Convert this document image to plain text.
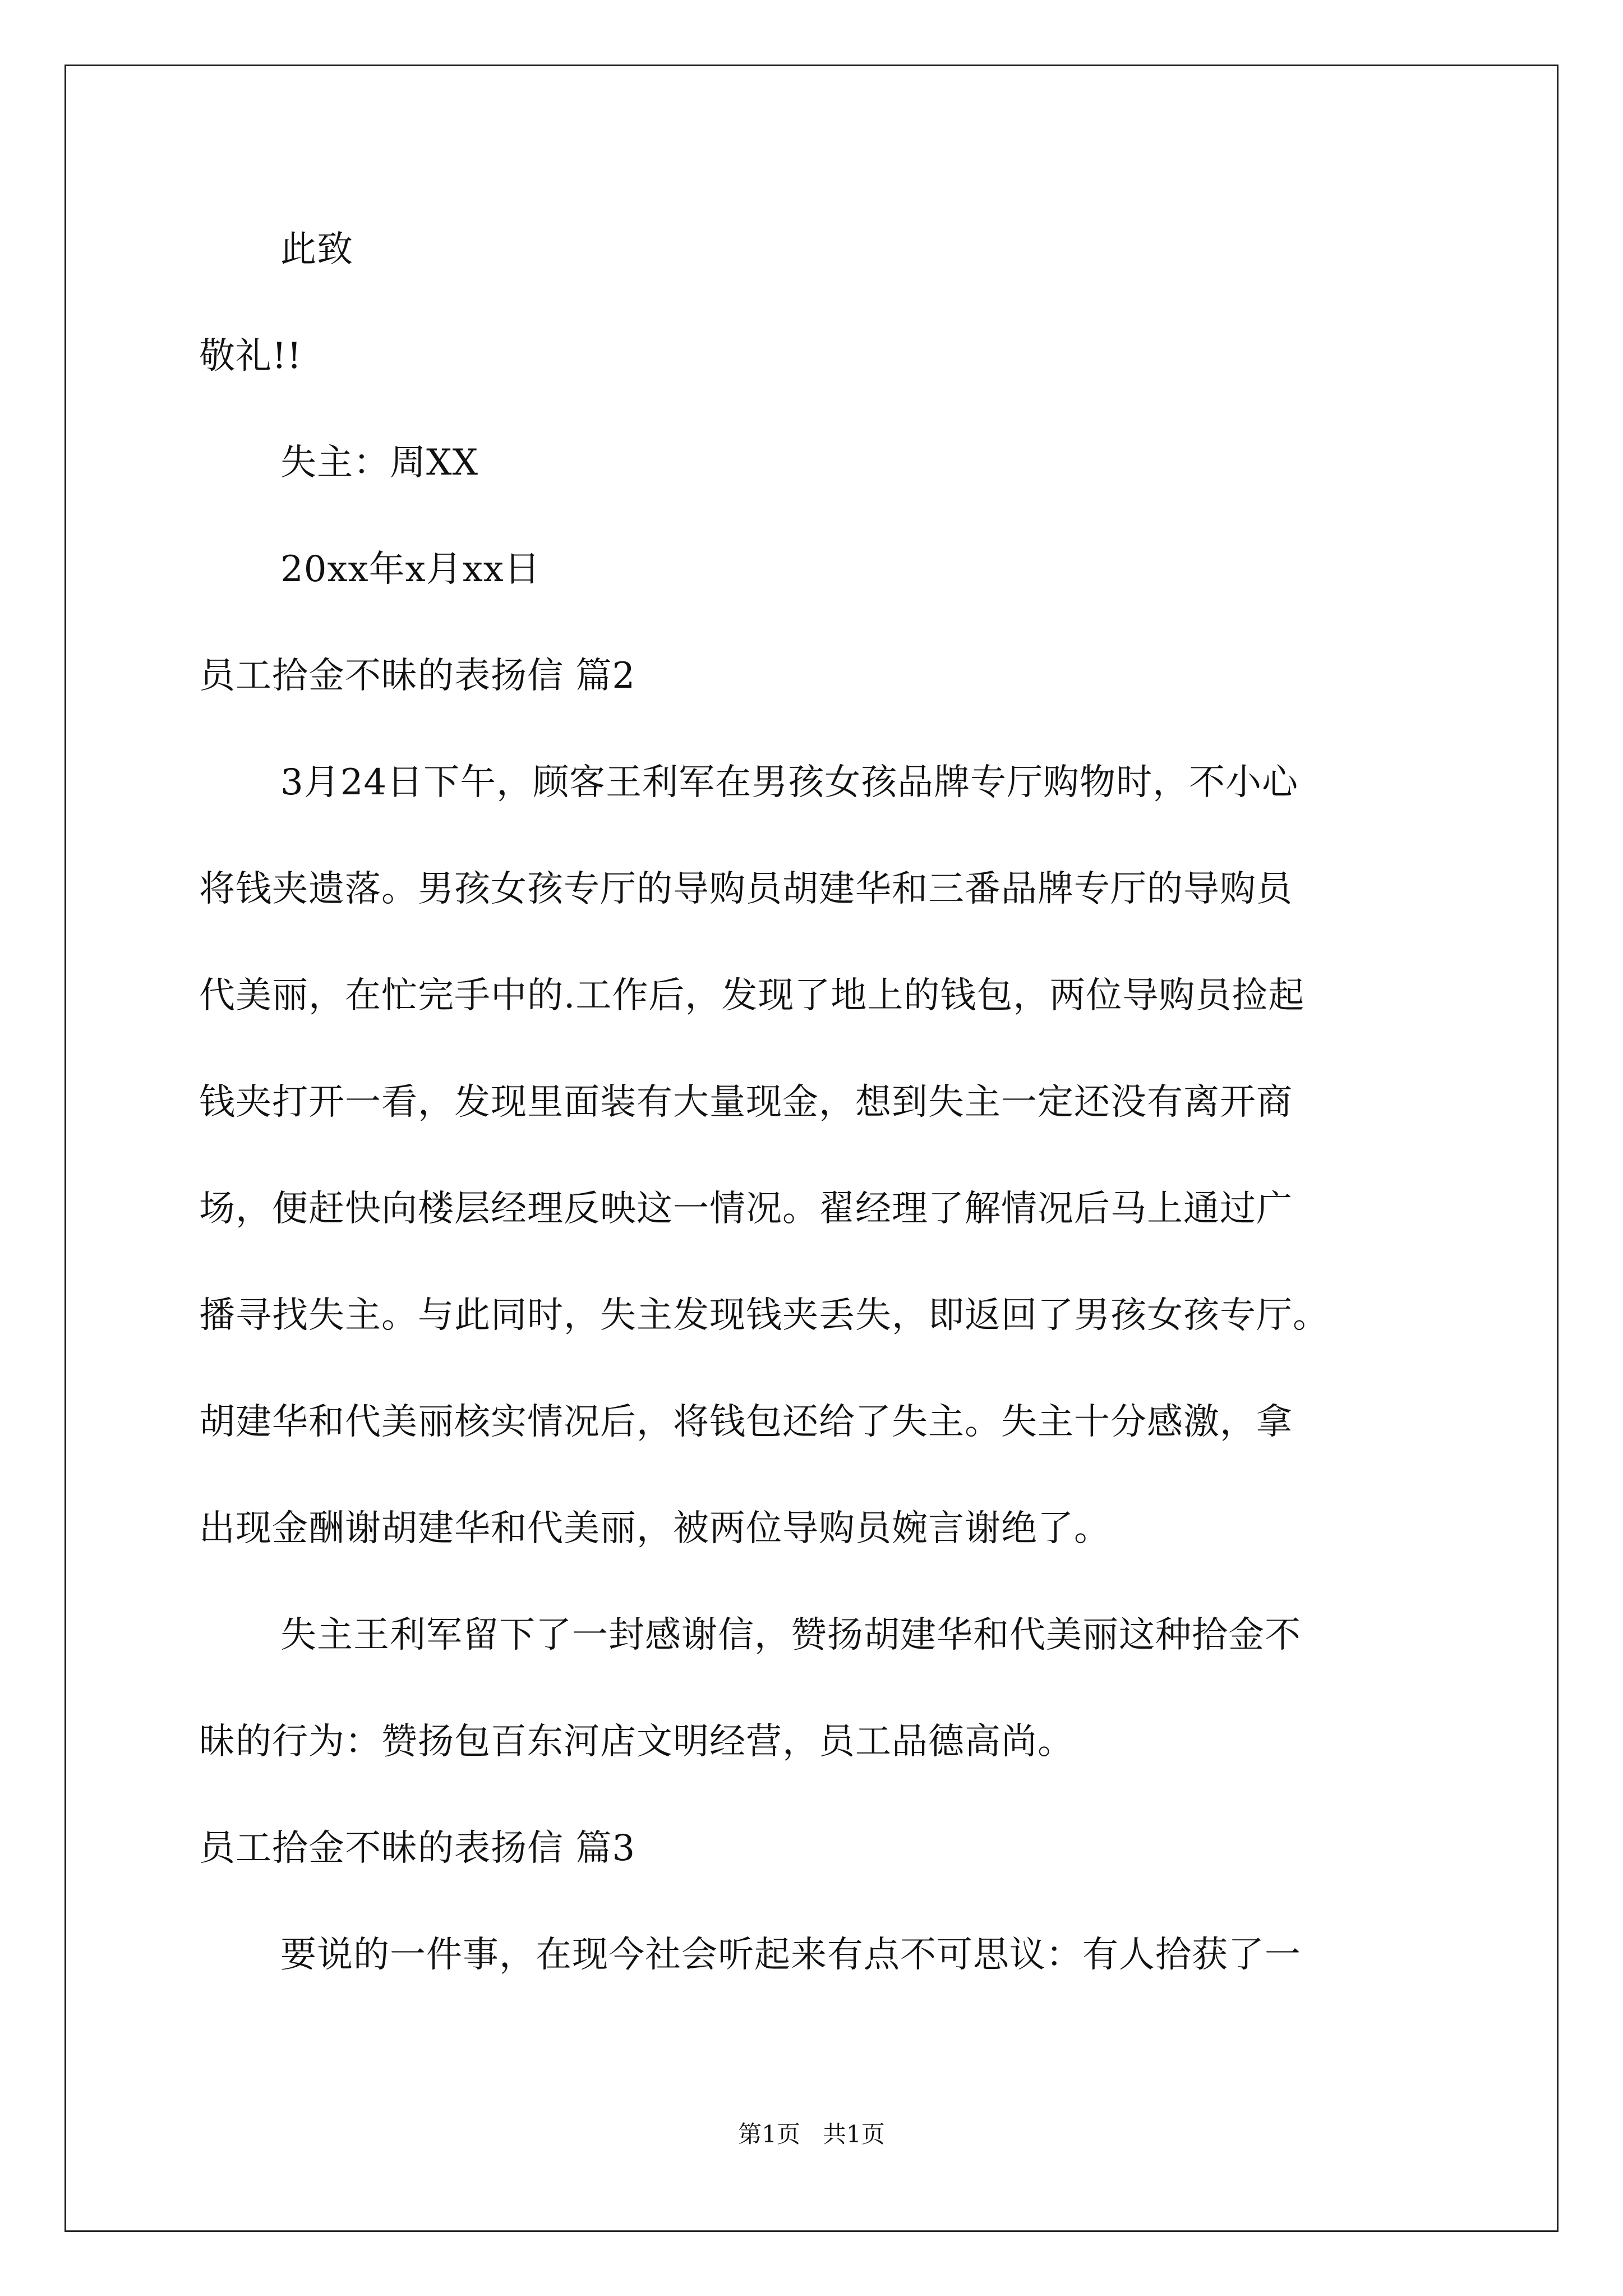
此致
敬礼!!
失主：周XX
20xx年x月xx日
员工拾金不昧的表扬信 篇2
3月24日下午，顾客王利军在男孩女孩品牌专厅购物时，不小心
将钱夹遗落。男孩女孩专厅的导购员胡建华和三番品牌专厅的导购员
代美丽，在忙完手中的.工作后，发现了地上的钱包，两位导购员捡起
钱夹打开一看，发现里面装有大量现金，想到失主一定还没有离开商
场，便赶快向楼层经理反映这一情况。翟经理了解情况后马上通过广
播寻找失主。与此同时，失主发现钱夹丢失，即返回了男孩女孩专厅。
胡建华和代美丽核实情况后，将钱包还给了失主。失主十分感激，拿
出现金酬谢胡建华和代美丽，被两位导购员婉言谢绝了。
失主王利军留下了一封感谢信，赞扬胡建华和代美丽这种拾金不
昧的行为：赞扬包百东河店文明经营，员工品德高尚。
员工拾金不昧的表扬信 篇3
要说的一件事，在现今社会听起来有点不可思议：有人拾获了一
第1页   共1页
